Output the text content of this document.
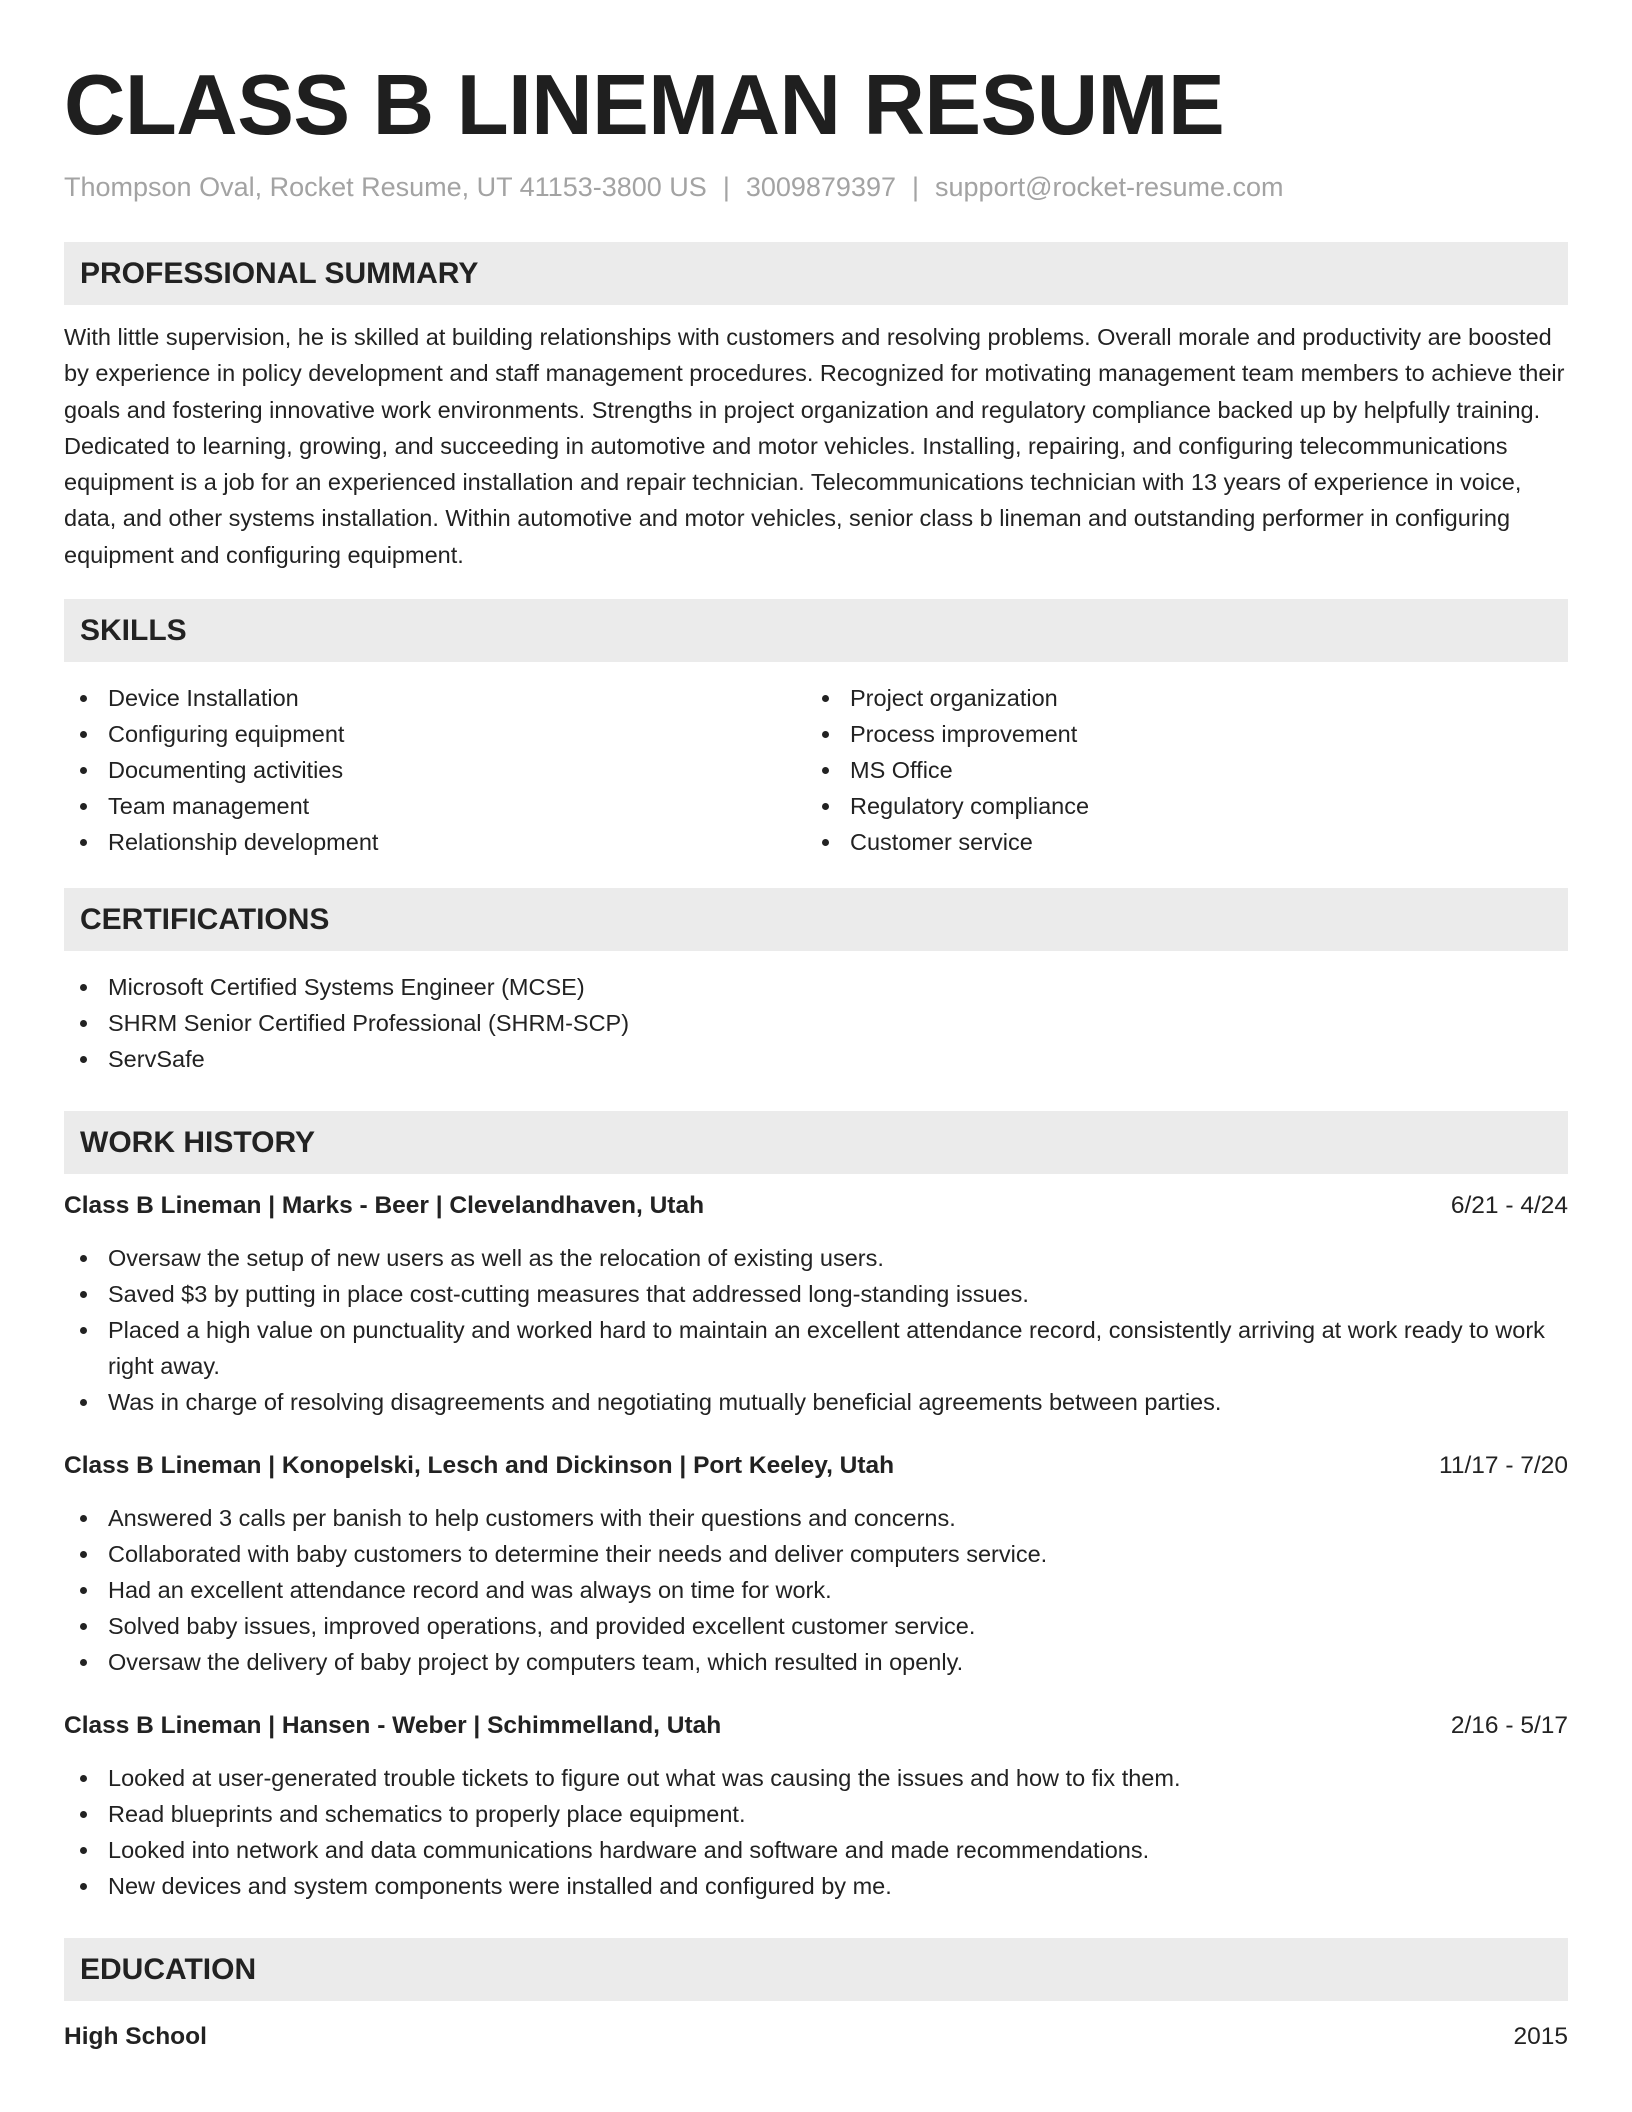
CLASS B LINEMAN RESUME
Thompson Oval, Rocket Resume, UT 41153-3800 US | 3009879397 | support@rocket-resume.com
PROFESSIONAL SUMMARY

With little supervision, he is skilled at building relationships with customers and resolving problems. Overall morale and productivity are boosted by experience in policy development and staff management procedures. Recognized for motivating management team members to achieve their goals and fostering innovative work environments. Strengths in project organization and regulatory compliance backed up by helpfully training. Dedicated to learning, growing, and succeeding in automotive and motor vehicles. Installing, repairing, and configuring telecommunications equipment is a job for an experienced installation and repair technician. Telecommunications technician with 13 years of experience in voice, data, and other systems installation. Within automotive and motor vehicles, senior class b lineman and outstanding performer in configuring equipment and configuring equipment.

SKILLS
Device Installation
Configuring equipment
Documenting activities
Team management
Relationship development
Project organization
Process improvement
MS Office
Regulatory compliance
Customer service
CERTIFICATIONS
Microsoft Certified Systems Engineer (MCSE)
SHRM Senior Certified Professional (SHRM-SCP)
ServSafe
WORK HISTORY
Class B Lineman | Marks - Beer | Clevelandhaven, Utah	6/21 - 4/24
Oversaw the setup of new users as well as the relocation of existing users.
Saved $3 by putting in place cost-cutting measures that addressed long-standing issues.
Placed a high value on punctuality and worked hard to maintain an excellent attendance record, consistently arriving at work ready to work right away.
Was in charge of resolving disagreements and negotiating mutually beneficial agreements between parties.
Class B Lineman | Konopelski, Lesch and Dickinson | Port Keeley, Utah	11/17 - 7/20
Answered 3 calls per banish to help customers with their questions and concerns.
Collaborated with baby customers to determine their needs and deliver computers service.
Had an excellent attendance record and was always on time for work.
Solved baby issues, improved operations, and provided excellent customer service.
Oversaw the delivery of baby project by computers team, which resulted in openly.
Class B Lineman | Hansen - Weber | Schimmelland, Utah	2/16 - 5/17
Looked at user-generated trouble tickets to figure out what was causing the issues and how to fix them.
Read blueprints and schematics to properly place equipment.
Looked into network and data communications hardware and software and made recommendations.
New devices and system components were installed and configured by me.
EDUCATION
High School	2015
